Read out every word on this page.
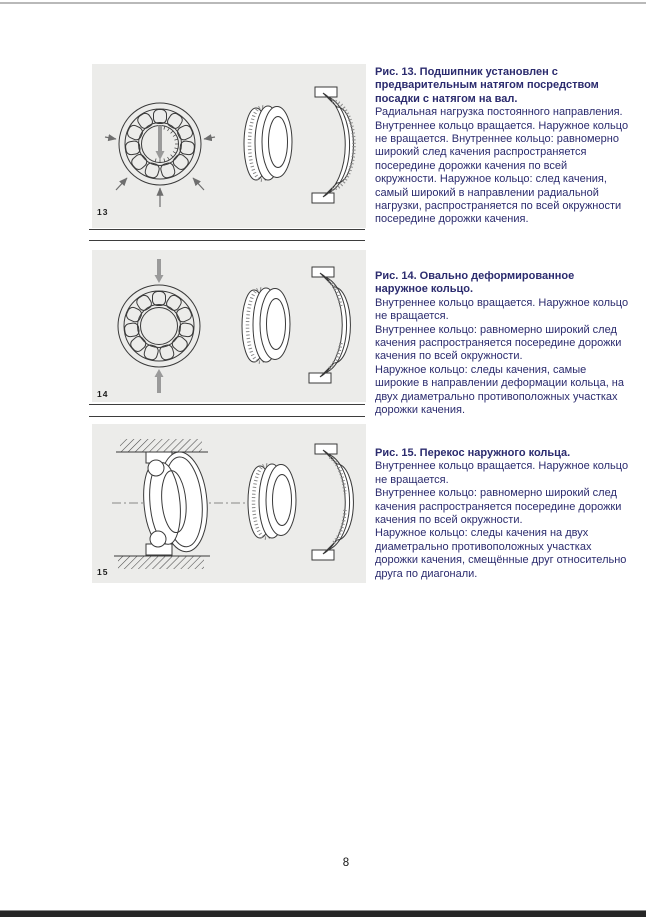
13
14
15

Рис. 13. Подшипник установлен с предварительным натягом посредством посадки с натягом на вал.

Радиальная нагрузка постоянного направления. Внутреннее кольцо вращается. Наружное кольцо не вращается. Внутреннее кольцо: равномерно широкий след качения распространяется посередине дорожки качения по всей окружности. Наружное кольцо: след качения, самый широкий в направлении радиальной нагрузки, распространяется по всей окружности посередине дорожки качения.

Рис. 14. Овально деформированное наружное кольцо.

Внутреннее кольцо вращается. Наружное кольцо не вращается.

Внутреннее кольцо: равномерно широкий след качения распространяется посередине дорожки качения по всей окружности.

Наружное кольцо: следы качения, самые широкие в направлении деформации кольца, на двух диаметрально противоположных участках дорожки качения.

Рис. 15. Перекос наружного кольца.

Внутреннее кольцо вращается. Наружное кольцо не вращается.

Внутреннее кольцо: равномерно широкий след качения распространяется посередине дорожки качения по всей окружности.

Наружное кольцо: следы качения на двух диаметрально противоположных участках дорожки качения, смещённые друг относительно друга по диагонали.

8
